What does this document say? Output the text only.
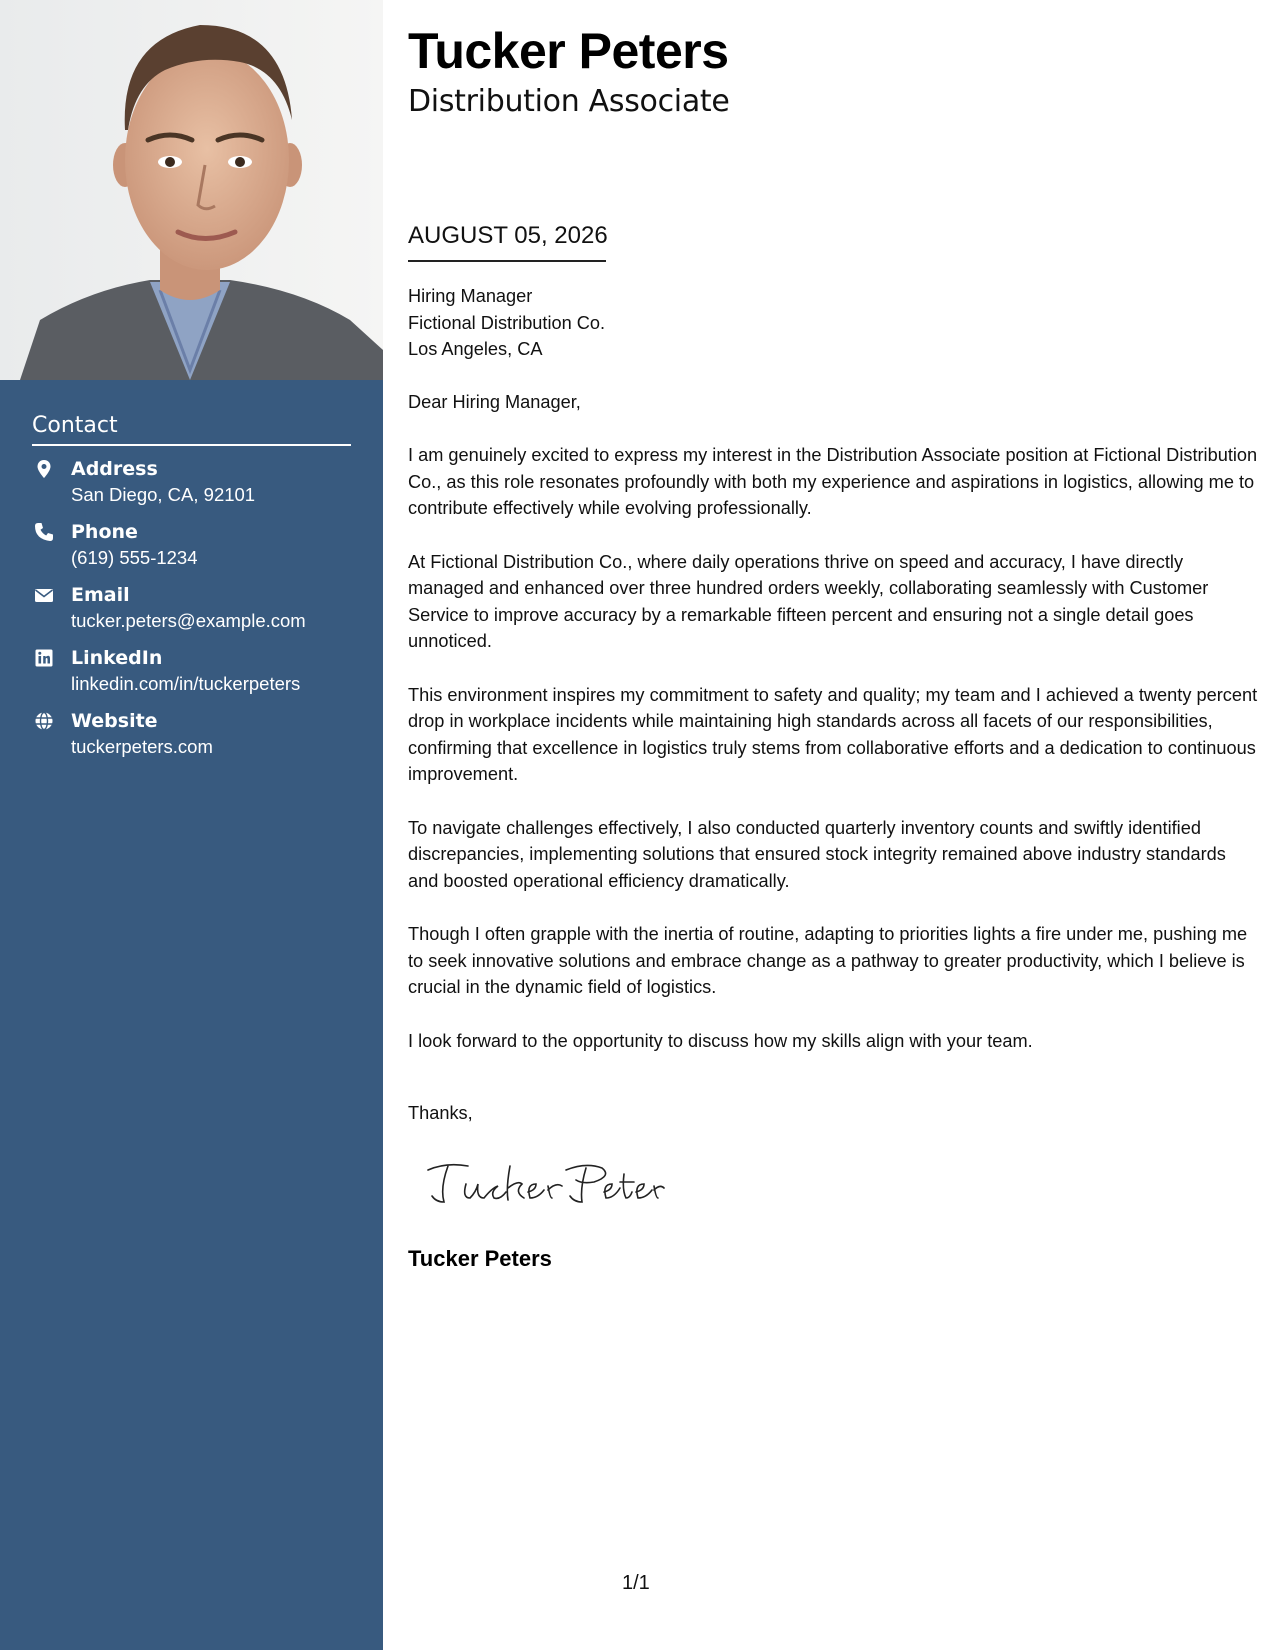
Contact
Address
San Diego, CA, 92101
Phone
(619) 555-1234
Email
tucker.peters@example.com
LinkedIn
linkedin.com/in/tuckerpeters
Website
tuckerpeters.com
Tucker Peters
Distribution Associate
AUGUST 05, 2026

Hiring Manager

Fictional Distribution Co.

Los Angeles, CA

Dear Hiring Manager,

I am genuinely excited to express my interest in the Distribution Associate position at Fictional Distribution Co., as this role resonates profoundly with both my experience and aspirations in logistics, allowing me to contribute effectively while evolving professionally.

At Fictional Distribution Co., where daily operations thrive on speed and accuracy, I have directly managed and enhanced over three hundred orders weekly, collaborating seamlessly with Customer Service to improve accuracy by a remarkable fifteen percent and ensuring not a single detail goes unnoticed.

This environment inspires my commitment to safety and quality; my team and I achieved a twenty percent drop in workplace incidents while maintaining high standards across all facets of our responsibilities, confirming that excellence in logistics truly stems from collaborative efforts and a dedication to continuous improvement.

To navigate challenges effectively, I also conducted quarterly inventory counts and swiftly identified discrepancies, implementing solutions that ensured stock integrity remained above industry standards and boosted operational efficiency dramatically.

Though I often grapple with the inertia of routine, adapting to priorities lights a fire under me, pushing me to seek innovative solutions and embrace change as a pathway to greater productivity, which I believe is crucial in the dynamic field of logistics.

I look forward to the opportunity to discuss how my skills align with your team.

Thanks,
Tucker Peters
1/1
